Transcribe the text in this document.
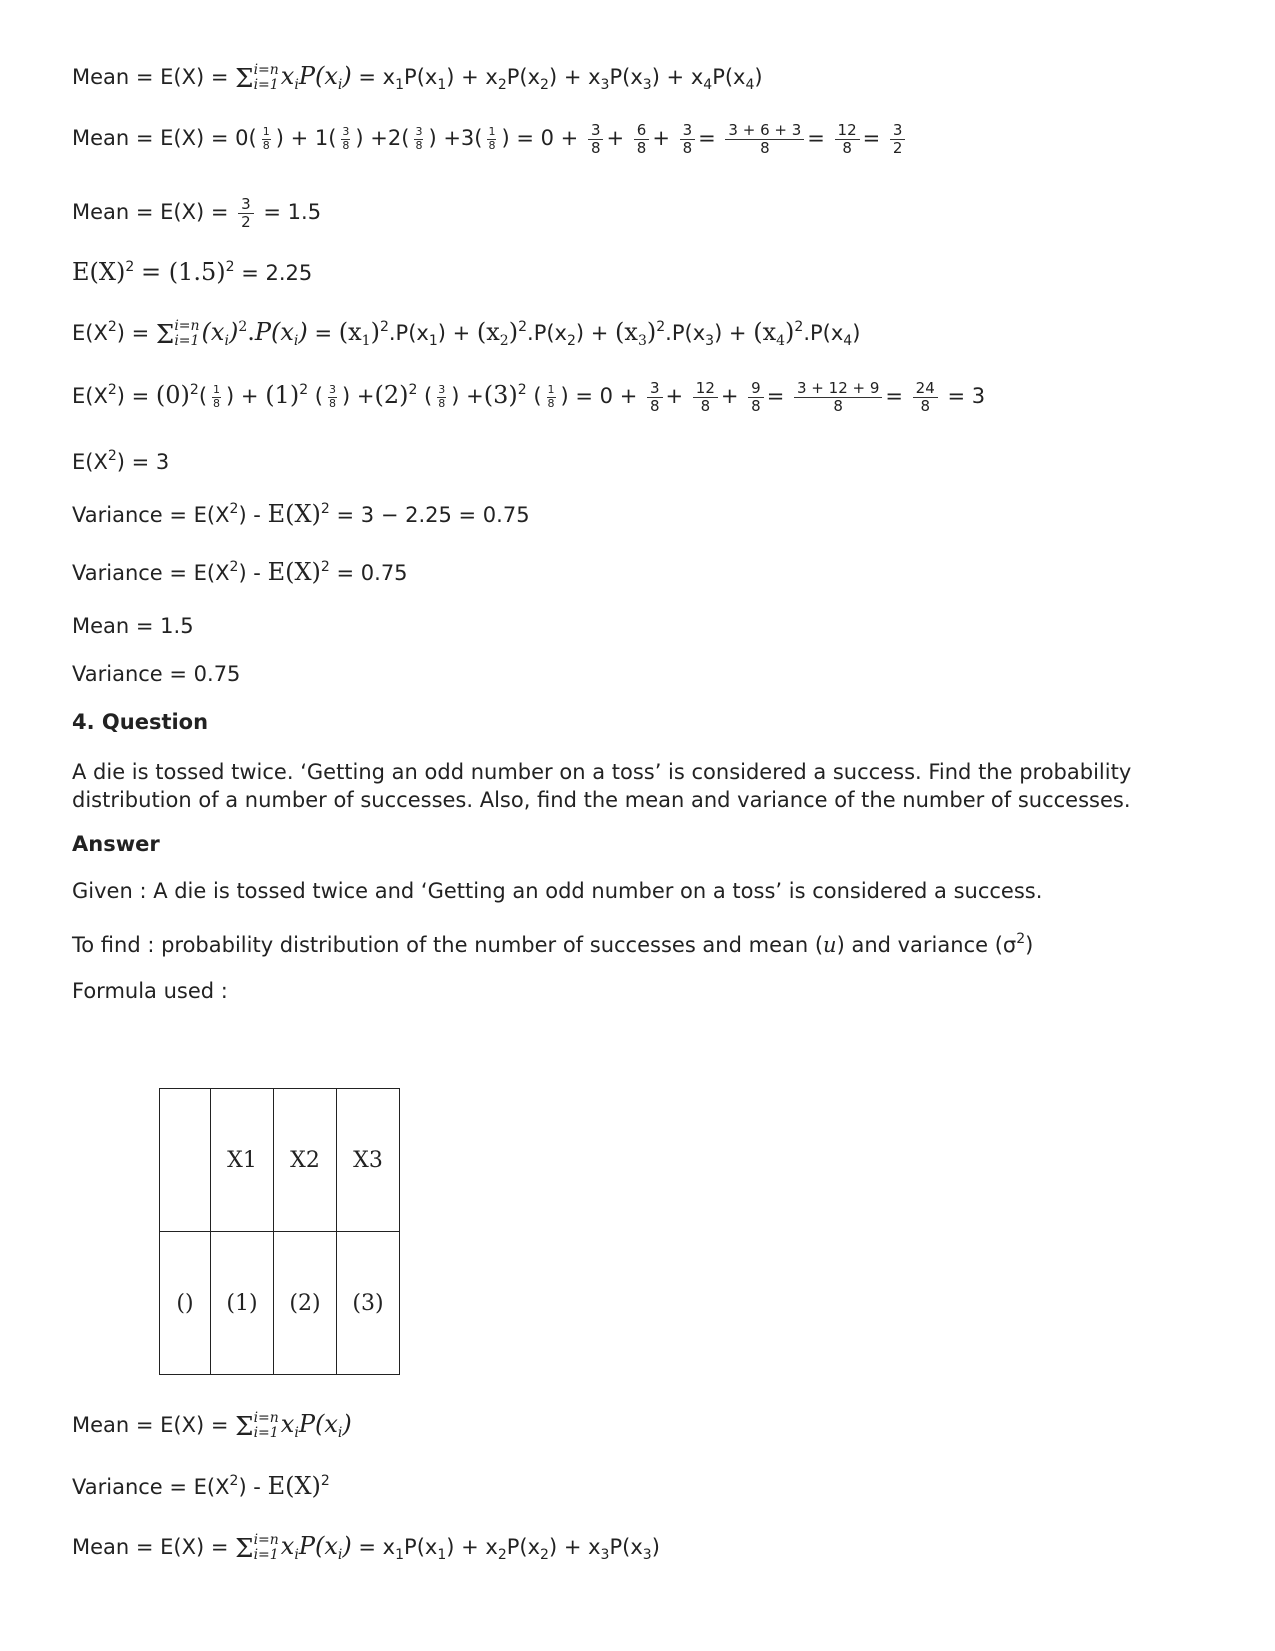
Mean = E(X) = Σ i=n
i=1 $x_iP(x_i) = x_1P(x_1) + x_2P(x_2) + x_3P(x_3) + x_4P(x_4)$
Mean = $E(X) = 0( \frac{1}{8}$ ) + $1( \frac{3}{8}$ ) $+2( \frac{3}{8}$ ) $+3( \frac{1}{8}$ ) = $0 + \frac{3}{8} + \frac{6}{8} + \frac{3}{8} = \frac{3 + 6 + 3}{8} = \frac{12}{8} = \frac{3}{2}$
Mean = $E(X) = \frac{3}{2} = 1.5$
$E(X)^2 = (1.5)^2 = 2.25$
$E(X^2) = \Sigma$ i=n
i=1 $(x_i)^2.P(x_i) = (x_1)^2.P(x_1) + (x_2)^2.P(x_2) + (x_3)^2.P(x_3) + (x_4)^2.P(x_4)$
$E(X^2) = (0)^2( \frac{1}{8}$ ) + $(1)^2$ ( $\frac{3}{8}$ ) $+(2)^2$ ( $\frac{3}{8}$ ) $+(3)^2$ ( $\frac{1}{8}$ ) = $0 + \frac{3}{8} + \frac{12}{8} + \frac{9}{8} = \frac{3 + 12 + 9}{8} = \frac{24}{8} = 3$
$E(X^2) = 3$
Variance = $E(X^2) - E(X)^2 = 3 - 2.25 = 0.75$
Variance = $E(X^2) - E(X)^2 = 0.75$
Mean = 1.5
Variance = 0.75
4. Question
A die is tossed twice. ‘Getting an odd number on a toss’ is considered a success. Find the probability distribution of a number of successes. Also, find the mean and variance of the number of successes.
Answer
Given : A die is tossed twice and ‘Getting an odd number on a toss’ is considered a success.
To find : probability distribution of the number of successes and mean (u) and variance $(\sigma^2)$
Formula used :
	X1	X2	X3
()	(1)	(2)	(3)
Mean = E(X) = Σ i=n
i=1 $x_iP(x_i)$
Variance = $E(X^2) - E(X)^2$
Mean = E(X) = Σ i=n
i=1 $x_iP(x_i) = x_1P(x_1) + x_2P(x_2) + x_3P(x_3)$
